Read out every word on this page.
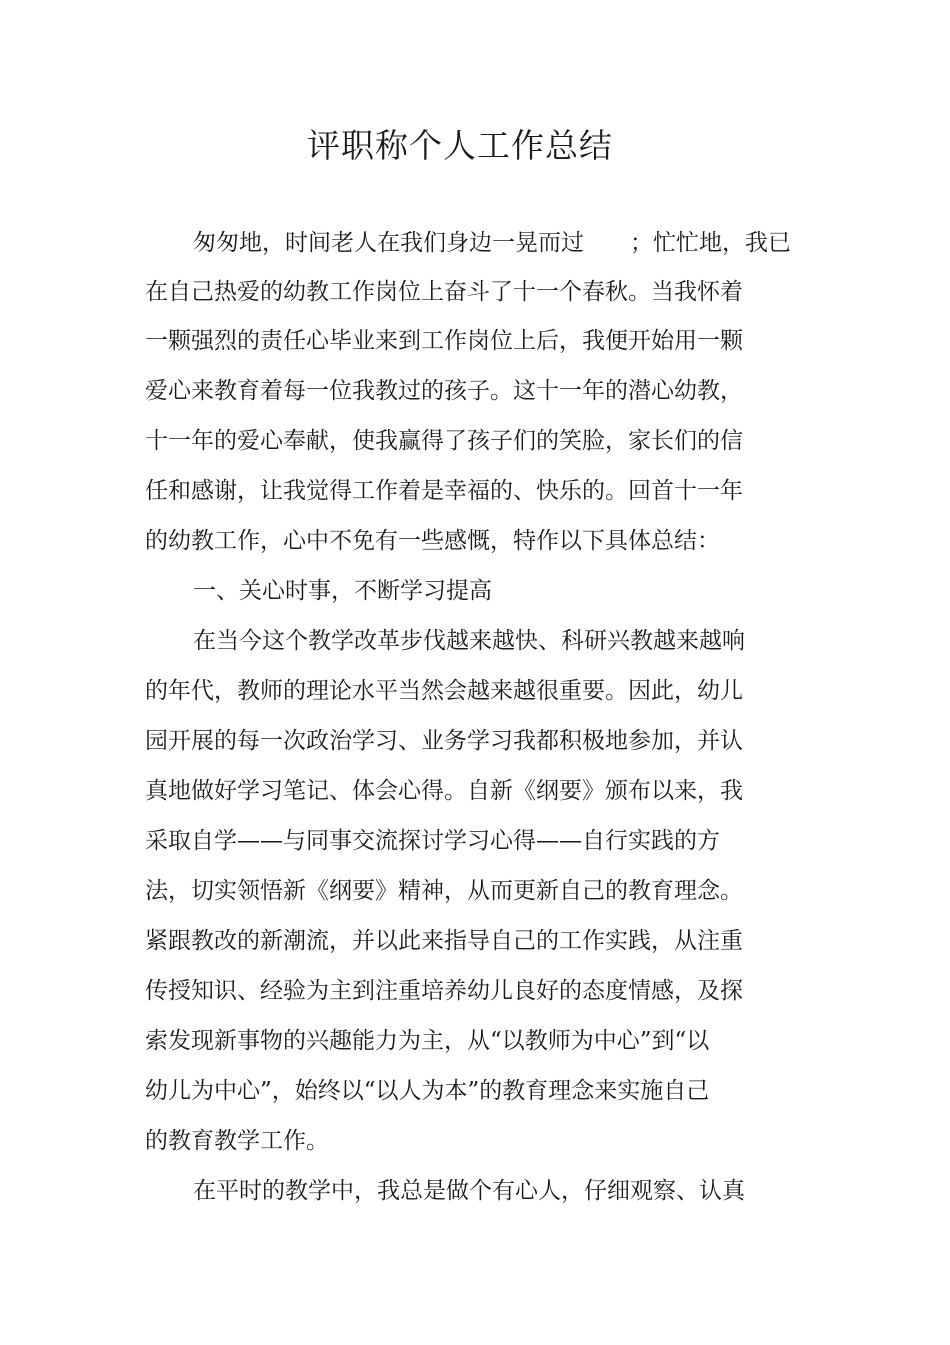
评职称个人工作总结
匆匆地，时间老人在我们身边一晃而过　　；忙忙地，我已
在自己热爱的幼教工作岗位上奋斗了十一个春秋。当我怀着
一颗强烈的责任心毕业来到工作岗位上后，我便开始用一颗
爱心来教育着每一位我教过的孩子。这十一年的潜心幼教，
十一年的爱心奉献，使我赢得了孩子们的笑脸，家长们的信
任和感谢，让我觉得工作着是幸福的、快乐的。回首十一年
的幼教工作，心中不免有一些感慨，特作以下具体总结：
一、关心时事，不断学习提高
在当今这个教学改革步伐越来越快、科研兴教越来越响
的年代，教师的理论水平当然会越来越很重要。因此，幼儿
园开展的每一次政治学习、业务学习我都积极地参加，并认
真地做好学习笔记、体会心得。自新《纲要》颁布以来，我
采取自学——与同事交流探讨学习心得——自行实践的方
法，切实领悟新《纲要》精神，从而更新自己的教育理念。
紧跟教改的新潮流，并以此来指导自己的工作实践，从注重
传授知识、经验为主到注重培养幼儿良好的态度情感，及探
索发现新事物的兴趣能力为主，从“以教师为中心”到“以
幼儿为中心”，始终以“以人为本”的教育理念来实施自己
的教育教学工作。
在平时的教学中，我总是做个有心人，仔细观察、认真
